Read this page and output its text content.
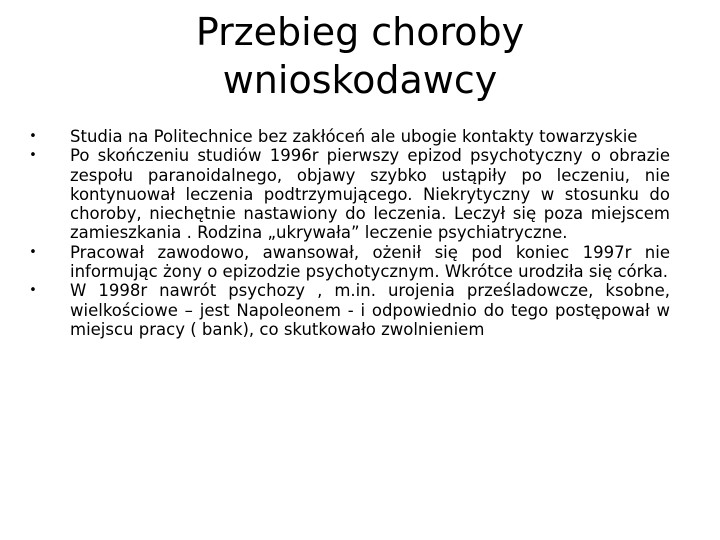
Przebieg choroby
wnioskodawcy
• Studia na Politechnice bez zakłóceń ale ubogie kontakty towarzyskie
• Po skończeniu studiów 1996r pierwszy epizod psychotyczny o obrazie zespołu paranoidalnego, objawy szybko ustąpiły po leczeniu, nie kontynuował leczenia podtrzymującego. Niekrytyczny w stosunku do choroby, niechętnie nastawiony do leczenia. Leczył się poza miejscem zamieszkania . Rodzina „ukrywała” leczenie psychiatryczne.
• Pracował zawodowo, awansował, ożenił się pod koniec 1997r nie informując żony o epizodzie psychotycznym. Wkrótce urodziła się córka.
• W 1998r nawrót psychozy , m.in. urojenia prześladowcze, ksobne, wielkościowe – jest Napoleonem - i odpowiednio do tego postępował w miejscu pracy ( bank), co skutkowało zwolnieniem
